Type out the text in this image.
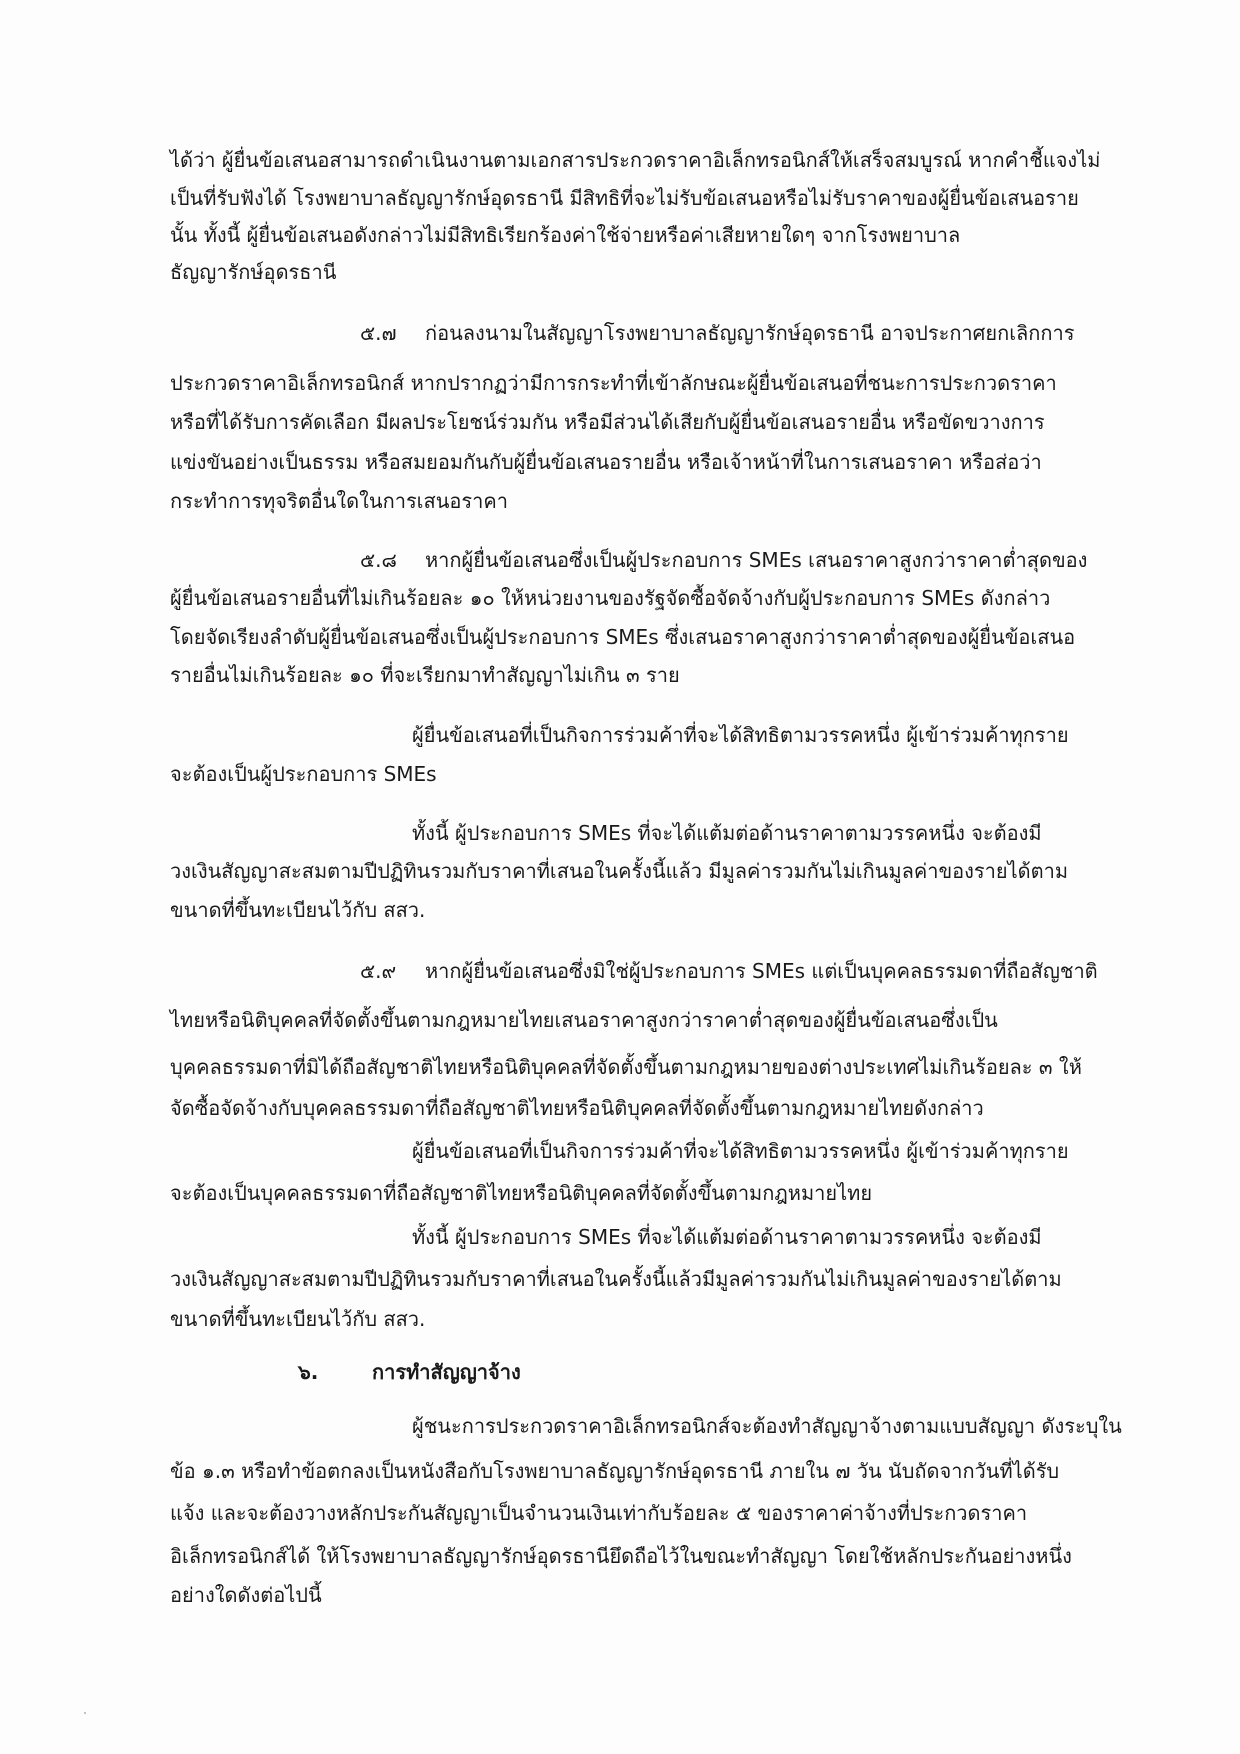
ได้ว่า ผู้ยื่นข้อเสนอสามารถดำเนินงานตามเอกสารประกวดราคาอิเล็กทรอนิกส์ให้เสร็จสมบูรณ์ หากคำชี้แจงไม่
เป็นที่รับฟังได้ โรงพยาบาลธัญญารักษ์อุดรธานี มีสิทธิที่จะไม่รับข้อเสนอหรือไม่รับราคาของผู้ยื่นข้อเสนอราย
นั้น ทั้งนี้ ผู้ยื่นข้อเสนอดังกล่าวไม่มีสิทธิเรียกร้องค่าใช้จ่ายหรือค่าเสียหายใดๆ จากโรงพยาบาล
ธัญญารักษ์อุดรธานี
๕.๗ ก่อนลงนามในสัญญาโรงพยาบาลธัญญารักษ์อุดรธานี อาจประกาศยกเลิกการ
ประกวดราคาอิเล็กทรอนิกส์ หากปรากฏว่ามีการกระทำที่เข้าลักษณะผู้ยื่นข้อเสนอที่ชนะการประกวดราคา
หรือที่ได้รับการคัดเลือก มีผลประโยชน์ร่วมกัน หรือมีส่วนได้เสียกับผู้ยื่นข้อเสนอรายอื่น หรือขัดขวางการ
แข่งขันอย่างเป็นธรรม หรือสมยอมกันกับผู้ยื่นข้อเสนอรายอื่น หรือเจ้าหน้าที่ในการเสนอราคา หรือส่อว่า
กระทำการทุจริตอื่นใดในการเสนอราคา
๕.๘ หากผู้ยื่นข้อเสนอซึ่งเป็นผู้ประกอบการ SMEs เสนอราคาสูงกว่าราคาต่ำสุดของ
ผู้ยื่นข้อเสนอรายอื่นที่ไม่เกินร้อยละ ๑๐ ให้หน่วยงานของรัฐจัดซื้อจัดจ้างกับผู้ประกอบการ SMEs ดังกล่าว
โดยจัดเรียงลำดับผู้ยื่นข้อเสนอซึ่งเป็นผู้ประกอบการ SMEs ซึ่งเสนอราคาสูงกว่าราคาต่ำสุดของผู้ยื่นข้อเสนอ
รายอื่นไม่เกินร้อยละ ๑๐ ที่จะเรียกมาทำสัญญาไม่เกิน ๓ ราย
ผู้ยื่นข้อเสนอที่เป็นกิจการร่วมค้าที่จะได้สิทธิตามวรรคหนึ่ง ผู้เข้าร่วมค้าทุกราย
จะต้องเป็นผู้ประกอบการ SMEs
ทั้งนี้ ผู้ประกอบการ SMEs ที่จะได้แต้มต่อด้านราคาตามวรรคหนึ่ง จะต้องมี
วงเงินสัญญาสะสมตามปีปฏิทินรวมกับราคาที่เสนอในครั้งนี้แล้ว มีมูลค่ารวมกันไม่เกินมูลค่าของรายได้ตาม
ขนาดที่ขึ้นทะเบียนไว้กับ สสว.
๕.๙ หากผู้ยื่นข้อเสนอซึ่งมิใช่ผู้ประกอบการ SMEs แต่เป็นบุคคลธรรมดาที่ถือสัญชาติ
ไทยหรือนิติบุคคลที่จัดตั้งขึ้นตามกฎหมายไทยเสนอราคาสูงกว่าราคาต่ำสุดของผู้ยื่นข้อเสนอซึ่งเป็น
บุคคลธรรมดาที่มิได้ถือสัญชาติไทยหรือนิติบุคคลที่จัดตั้งขึ้นตามกฎหมายของต่างประเทศไม่เกินร้อยละ ๓ ให้
จัดซื้อจัดจ้างกับบุคคลธรรมดาที่ถือสัญชาติไทยหรือนิติบุคคลที่จัดตั้งขึ้นตามกฎหมายไทยดังกล่าว
ผู้ยื่นข้อเสนอที่เป็นกิจการร่วมค้าที่จะได้สิทธิตามวรรคหนึ่ง ผู้เข้าร่วมค้าทุกราย
จะต้องเป็นบุคคลธรรมดาที่ถือสัญชาติไทยหรือนิติบุคคลที่จัดตั้งขึ้นตามกฎหมายไทย
ทั้งนี้ ผู้ประกอบการ SMEs ที่จะได้แต้มต่อด้านราคาตามวรรคหนึ่ง จะต้องมี
วงเงินสัญญาสะสมตามปีปฏิทินรวมกับราคาที่เสนอในครั้งนี้แล้วมีมูลค่ารวมกันไม่เกินมูลค่าของรายได้ตาม
ขนาดที่ขึ้นทะเบียนไว้กับ สสว.
๖.	การทำสัญญาจ้าง
ผู้ชนะการประกวดราคาอิเล็กทรอนิกส์จะต้องทำสัญญาจ้างตามแบบสัญญา ดังระบุใน
ข้อ ๑.๓ หรือทำข้อตกลงเป็นหนังสือกับโรงพยาบาลธัญญารักษ์อุดรธานี ภายใน ๗ วัน นับถัดจากวันที่ได้รับ
แจ้ง และจะต้องวางหลักประกันสัญญาเป็นจำนวนเงินเท่ากับร้อยละ ๕ ของราคาค่าจ้างที่ประกวดราคา
อิเล็กทรอนิกส์ได้ ให้โรงพยาบาลธัญญารักษ์อุดรธานียึดถือไว้ในขณะทำสัญญา โดยใช้หลักประกันอย่างหนึ่ง
อย่างใดดังต่อไปนี้
